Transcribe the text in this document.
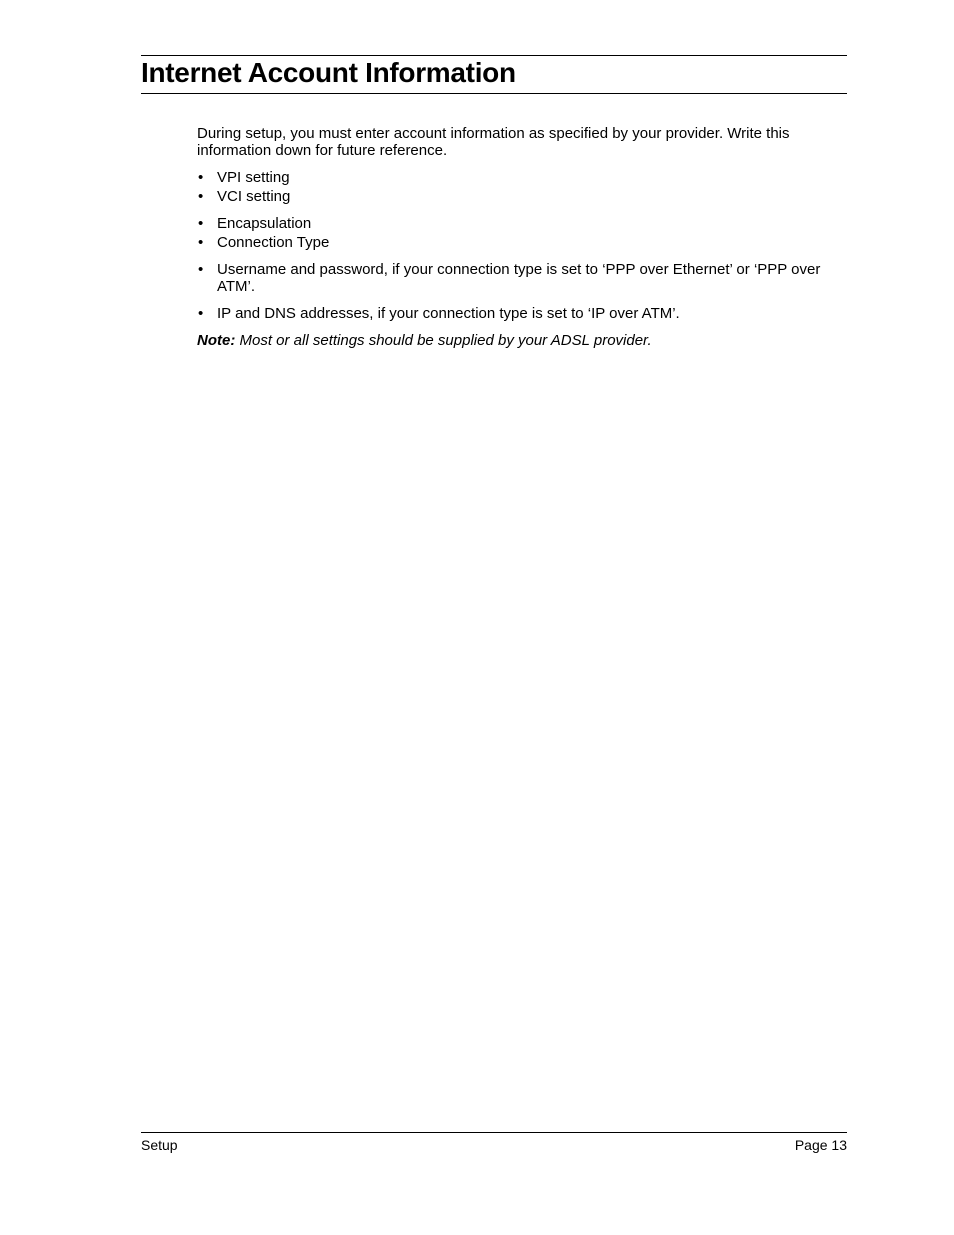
Internet Account Information

During setup, you must enter account information as specified by your provider. Write this information down for future reference.

• VPI setting
• VCI setting
• Encapsulation
• Connection Type
• Username and password, if your connection type is set to ‘PPP over Ethernet’ or ‘PPP over ATM’.
• IP and DNS addresses, if your connection type is set to ‘IP over ATM’.

Note: Most or all settings should be supplied by your ADSL provider.

Setup	Page 13
